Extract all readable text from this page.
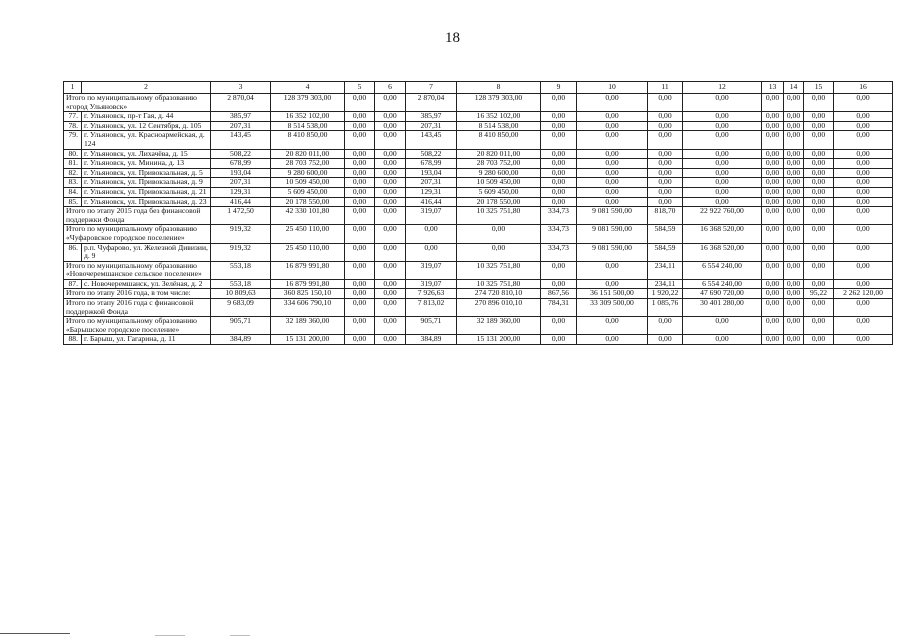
18
1	2	3	4	5	6	7	8	9	10	11	12	13	14	15	16
Итого по муниципальному образованию «город Ульяновск»		2 870,04	128 379 303,00	0,00	0,00	2 870,04	128 379 303,00	0,00	0,00	0,00	0,00	0,00	0,00	0,00	0,00
77.	г. Ульяновск, пр-т Гая, д. 44	385,97	16 352 102,00	0,00	0,00	385,97	16 352 102,00	0,00	0,00	0,00	0,00	0,00	0,00	0,00	0,00
78.	г. Ульяновск, ул. 12 Сентября, д. 105	207,31	8 514 538,00	0,00	0,00	207,31	8 514 538,00	0,00	0,00	0,00	0,00	0,00	0,00	0,00	0,00
79.	г. Ульяновск, ул. Красноармейская, д. 124	143,45	8 410 850,00	0,00	0,00	143,45	8 410 850,00	0,00	0,00	0,00	0,00	0,00	0,00	0,00	0,00
80.	г. Ульяновск, ул. Лихачёва, д. 15	508,22	20 820 011,00	0,00	0,00	508,22	20 820 011,00	0,00	0,00	0,00	0,00	0,00	0,00	0,00	0,00
81.	г. Ульяновск, ул. Минина, д. 13	678,99	28 703 752,00	0,00	0,00	678,99	28 703 752,00	0,00	0,00	0,00	0,00	0,00	0,00	0,00	0,00
82.	г. Ульяновск, ул. Привокзальная, д. 5	193,04	9 280 600,00	0,00	0,00	193,04	9 280 600,00	0,00	0,00	0,00	0,00	0,00	0,00	0,00	0,00
83.	г. Ульяновск, ул. Привокзальная, д. 9	207,31	10 509 450,00	0,00	0,00	207,31	10 509 450,00	0,00	0,00	0,00	0,00	0,00	0,00	0,00	0,00
84.	г. Ульяновск, ул. Привокзальная, д. 21	129,31	5 609 450,00	0,00	0,00	129,31	5 609 450,00	0,00	0,00	0,00	0,00	0,00	0,00	0,00	0,00
85.	г. Ульяновск, ул. Привокзальная, д. 23	416,44	20 178 550,00	0,00	0,00	416,44	20 178 550,00	0,00	0,00	0,00	0,00	0,00	0,00	0,00	0,00
Итого по этапу 2015 года без финансовой поддержки Фонда		1 472,50	42 330 101,80	0,00	0,00	319,07	10 325 751,80	334,73	9 081 590,00	818,70	22 922 760,00	0,00	0,00	0,00	0,00
Итого по муниципальному образованию «Чуфаровское городское поселение»		919,32	25 450 110,00	0,00	0,00	0,00	0,00	334,73	9 081 590,00	584,59	16 368 520,00	0,00	0,00	0,00	0,00
86.	р.п. Чуфарово, ул. Железной Дивизии, д. 9	919,32	25 450 110,00	0,00	0,00	0,00	0,00	334,73	9 081 590,00	584,59	16 368 520,00	0,00	0,00	0,00	0,00
Итого по муниципальному образованию «Новочеремшанское сельское поселение»		553,18	16 879 991,80	0,00	0,00	319,07	10 325 751,80	0,00	0,00	234,11	6 554 240,00	0,00	0,00	0,00	0,00
87.	с. Новочеремшанск, ул. Зелёная, д. 2	553,18	16 879 991,80	0,00	0,00	319,07	10 325 751,80	0,00	0,00	234,11	6 554 240,00	0,00	0,00	0,00	0,00
Итого по этапу 2016 года, в том числе:		10 809,63	360 825 150,10	0,00	0,00	7 926,63	274 720 810,10	867,56	36 151 500,00	1 920,22	47 690 720,00	0,00	0,00	95,22	2 262 120,00
Итого по этапу 2016 года с финансовой поддержкой Фонда		9 683,09	334 606 790,10	0,00	0,00	7 813,02	270 896 010,10	784,31	33 309 500,00	1 085,76	30 401 280,00	0,00	0,00	0,00	0,00
Итого по муниципальному образованию «Барышское городское поселение»		905,71	32 189 360,00	0,00	0,00	905,71	32 189 360,00	0,00	0,00	0,00	0,00	0,00	0,00	0,00	0,00
88.	г. Барыш, ул. Гагарина, д. 11	384,89	15 131 200,00	0,00	0,00	384,89	15 131 200,00	0,00	0,00	0,00	0,00	0,00	0,00	0,00	0,00
